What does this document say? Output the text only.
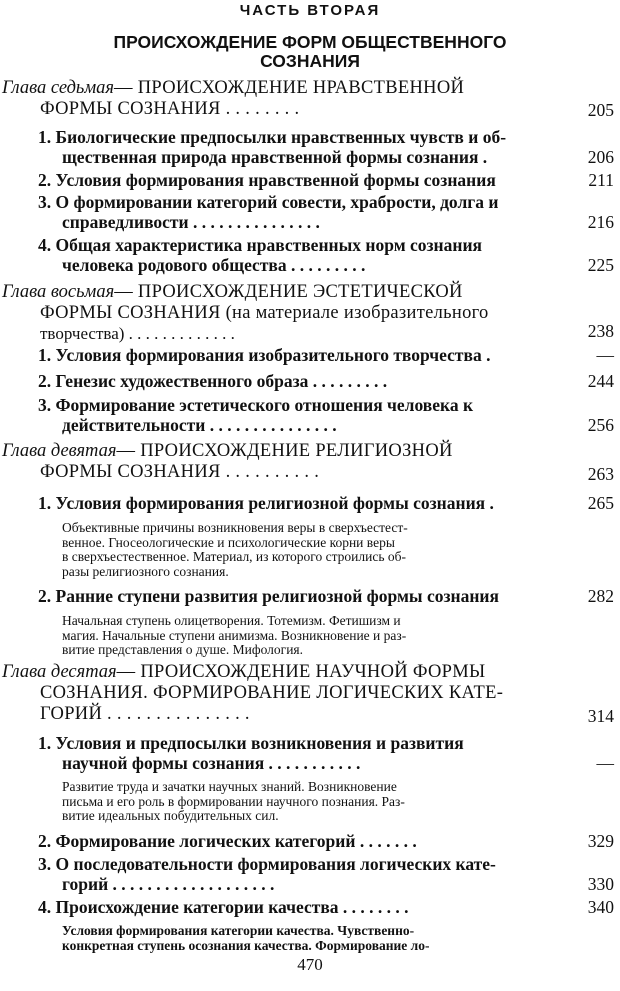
ЧАСТЬ ВТОРАЯ
ПРОИСХОЖДЕНИЕ ФОРМ ОБЩЕСТВЕННОГО
СОЗНАНИЯ
Глава седьмая— ПРОИСХОЖДЕНИЕ НРАВСТВЕННОЙ
ФОРМЫ СОЗНАНИЯ . . . . . . . .	205
1. Биологические предпосылки нравственных чувств и об-
щественная природа нравственной формы сознания .	206
2. Условия формирования нравственной формы сознания	211
3. О формировании категорий совести, храбрости, долга и
справедливости . . . . . . . . . . . . . . .	216
4. Общая характеристика нравственных норм сознания
человека родового общества . . . . . . . . .	225
Глава восьмая— ПРОИСХОЖДЕНИЕ ЭСТЕТИЧЕСКОЙ
ФОРМЫ СОЗНАНИЯ (на материале изобразительного
творчества) . . . . . . . . . . . . .	238
1. Условия формирования изобразительного творчества .	—
2. Генезис художественного образа . . . . . . . . .	244
3. Формирование эстетического отношения человека к
действительности . . . . . . . . . . . . . . .	256
Глава девятая— ПРОИСХОЖДЕНИЕ РЕЛИГИОЗНОЙ
ФОРМЫ СОЗНАНИЯ . . . . . . . . . .	263
1. Условия формирования религиозной формы сознания .	265
Объективные причины возникновения веры в сверхъестест-
венное. Гносеологические и психологические корни веры
в сверхъестественное. Материал, из которого строились об-
разы религиозного сознания.
2. Ранние ступени развития религиозной формы сознания	282
Начальная ступень олицетворения. Тотемизм. Фетишизм и
магия. Начальные ступени анимизма. Возникновение и раз-
витие представления о душе. Мифология.
Глава десятая— ПРОИСХОЖДЕНИЕ НАУЧНОЙ ФОРМЫ
СОЗНАНИЯ. ФОРМИРОВАНИЕ ЛОГИЧЕСКИХ КАТЕ-
ГОРИЙ . . . . . . . . . . . . . . .	314
1. Условия и предпосылки возникновения и развития
научной формы сознания . . . . . . . . . . .	—
Развитие труда и зачатки научных знаний. Возникновение
письма и его роль в формировании научного познания. Раз-
витие идеальных побудительных сил.
2. Формирование логических категорий . . . . . . .	329
3. О последовательности формирования логических кате-
горий . . . . . . . . . . . . . . . . . . .	330
4. Происхождение категории качества . . . . . . . .	340
Условия формирования категории качества. Чувственно-
конкретная ступень осознания качества. Формирование ло-
470
